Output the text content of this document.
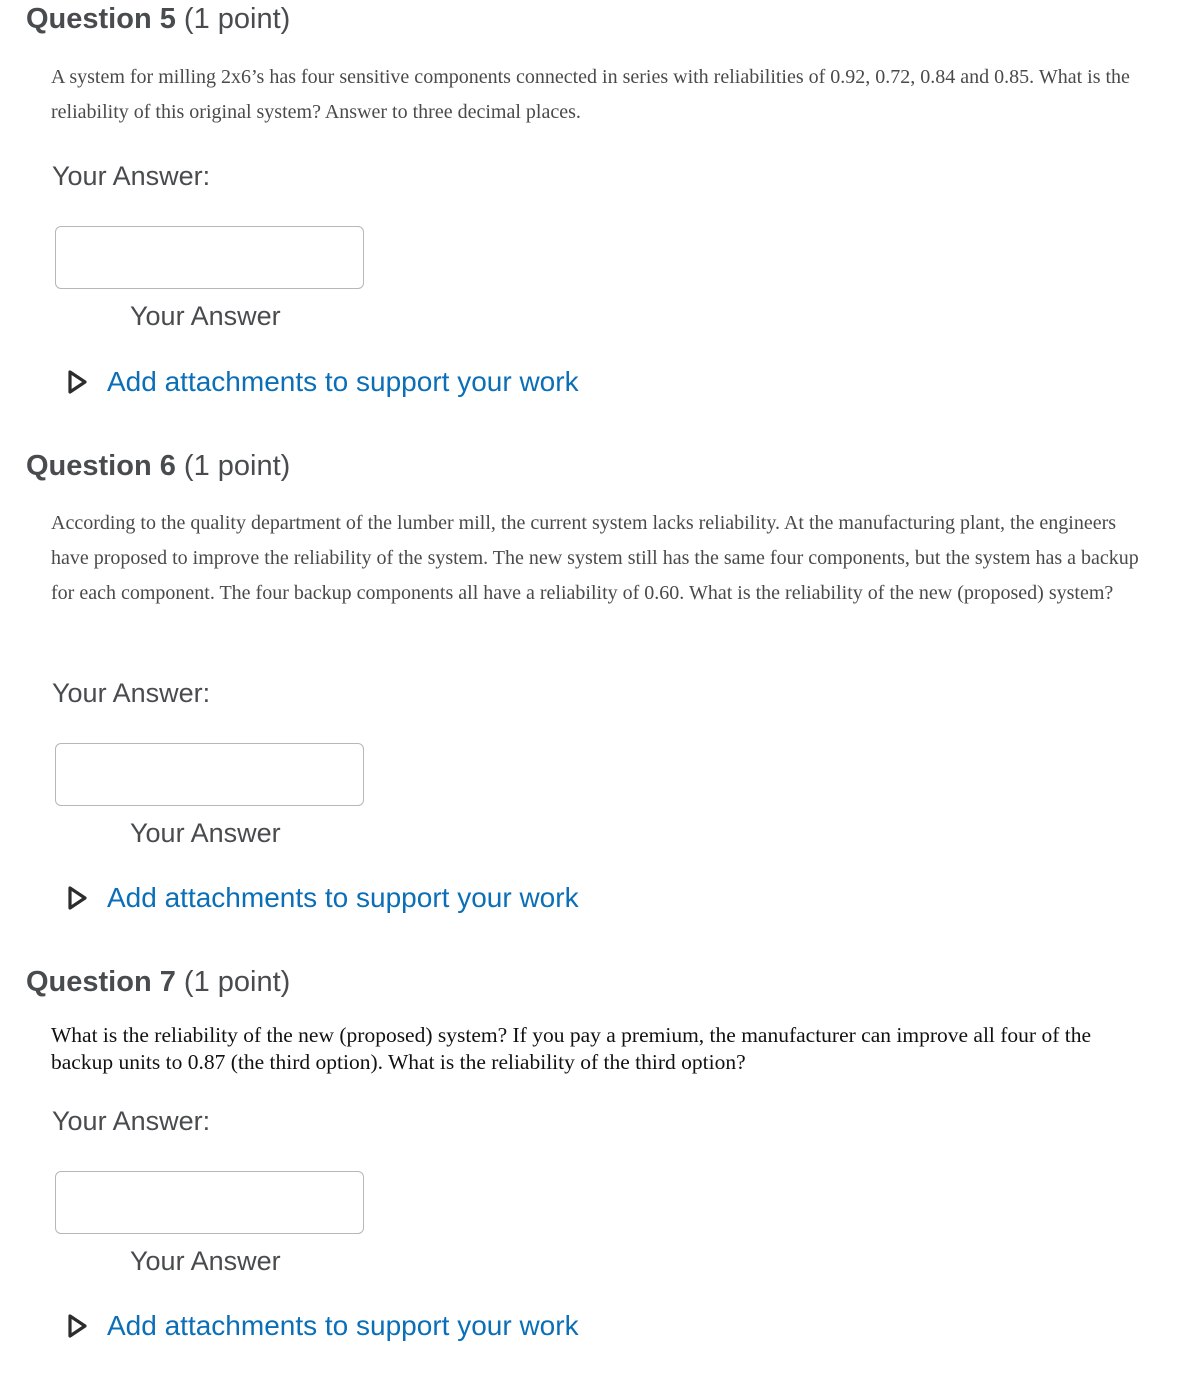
Question 5 (1 point)
A system for milling 2x6’s has four sensitive components connected in series with reliabilities of 0.92, 0.72, 0.84 and 0.85. What is the reliability of this original system? Answer to three decimal places.
Your Answer:
Your Answer
Add attachments to support your work
Question 6 (1 point)
According to the quality department of the lumber mill, the current system lacks reliability. At the manufacturing plant, the engineers have proposed to improve the reliability of the system. The new system still has the same four components, but the system has a backup for each component. The four backup components all have a reliability of 0.60. What is the reliability of the new (proposed) system?
Your Answer:
Your Answer
Add attachments to support your work
Question 7 (1 point)
What is the reliability of the new (proposed) system? If you pay a premium, the manufacturer can improve all four of the backup units to 0.87 (the third option). What is the reliability of the third option?
Your Answer:
Your Answer
Add attachments to support your work
